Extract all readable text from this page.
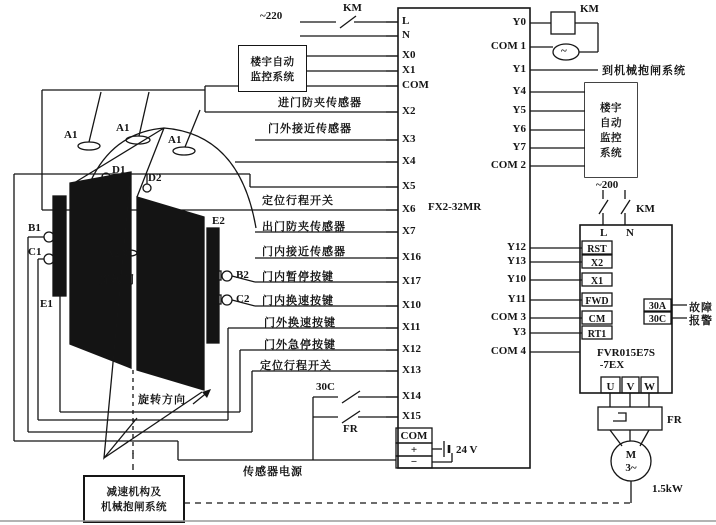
~220
KM
楼宇自动
监控系统
进门防夹传感器
门外接近传感器
定位行程开关
出门防夹传感器
门内接近传感器
门内暂停按键
门内换速按键
门外换速按键
门外急停按键
定位行程开关
30C
FR
传感器电源
24 V
FX2-32MR
L
N
X0
X1
COM
X2
X3
X4
X5
X6
X7
X16
X17
X10
X11
X12
X13
X14
X15
COM
+
−
Y0
COM 1
Y1
Y4
Y5
Y6
Y7
COM 2
Y12
Y13
Y10
Y11
COM 3
Y3
COM 4
KM
~
到机械抱闸系统
楼宇
自动
监控
系统
~200
KM
L N
RST
X2
X1
FWD
CM
RT1
30A
30C
故障
报警
FVR015E7S
-7EX
U	V W
FR
M
3~
1.5kW
A1
A1
A1
D1
D2
A2
B1
C1
E1
E2
B2
C2
旋转门
旋转方向
减速机构及
机械抱闸系统
